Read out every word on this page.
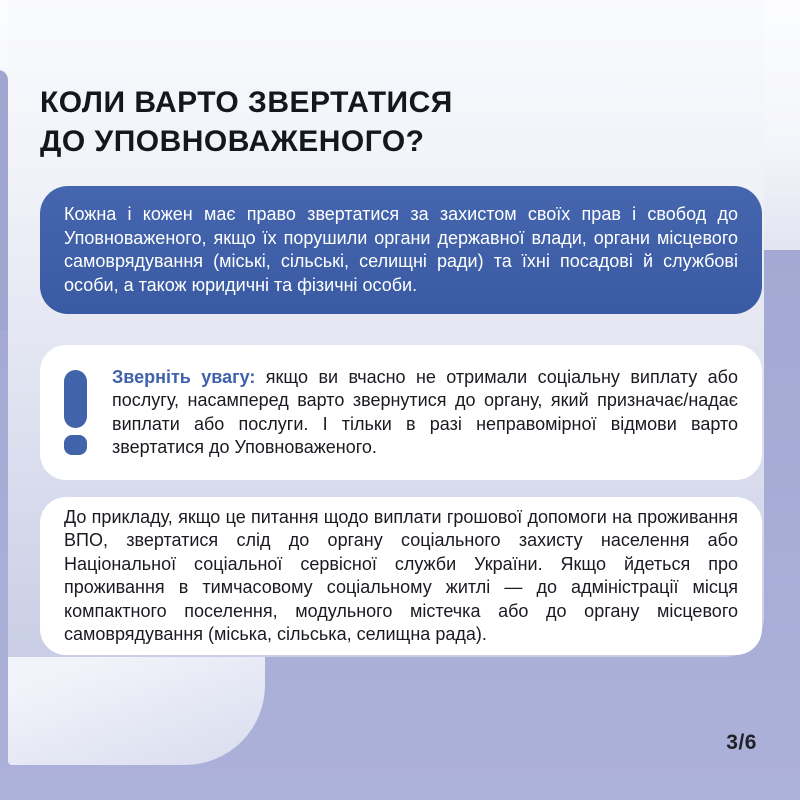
КОЛИ ВАРТО ЗВЕРТАТИСЯ
ДО УПОВНОВАЖЕНОГО?

Кожна і кожен має право звертатися за захистом своїх прав і свобод до Уповноваженого, якщо їх порушили органи державної влади, органи місцевого самоврядування (міські, сільські, селищні ради) та їхні посадові й службові особи, а також юридичні та фізичні особи.

Зверніть увагу: якщо ви вчасно не отримали соціальну виплату або послугу, насамперед варто звернутися до органу, який призначає/надає виплати або послуги. І тільки в разі неправомірної відмови варто звертатися до Уповноваженого.

До прикладу, якщо це питання щодо виплати грошової допомоги на проживання ВПО, звертатися слід до органу соціального захисту населення або Національної соціальної сервісної служби України. Якщо йдеться про проживання в тимчасовому соціальному житлі — до адміністрації місця компактного поселення, модульного містечка або до органу місцевого самоврядування (міська, сільська, селищна рада).

3/6
